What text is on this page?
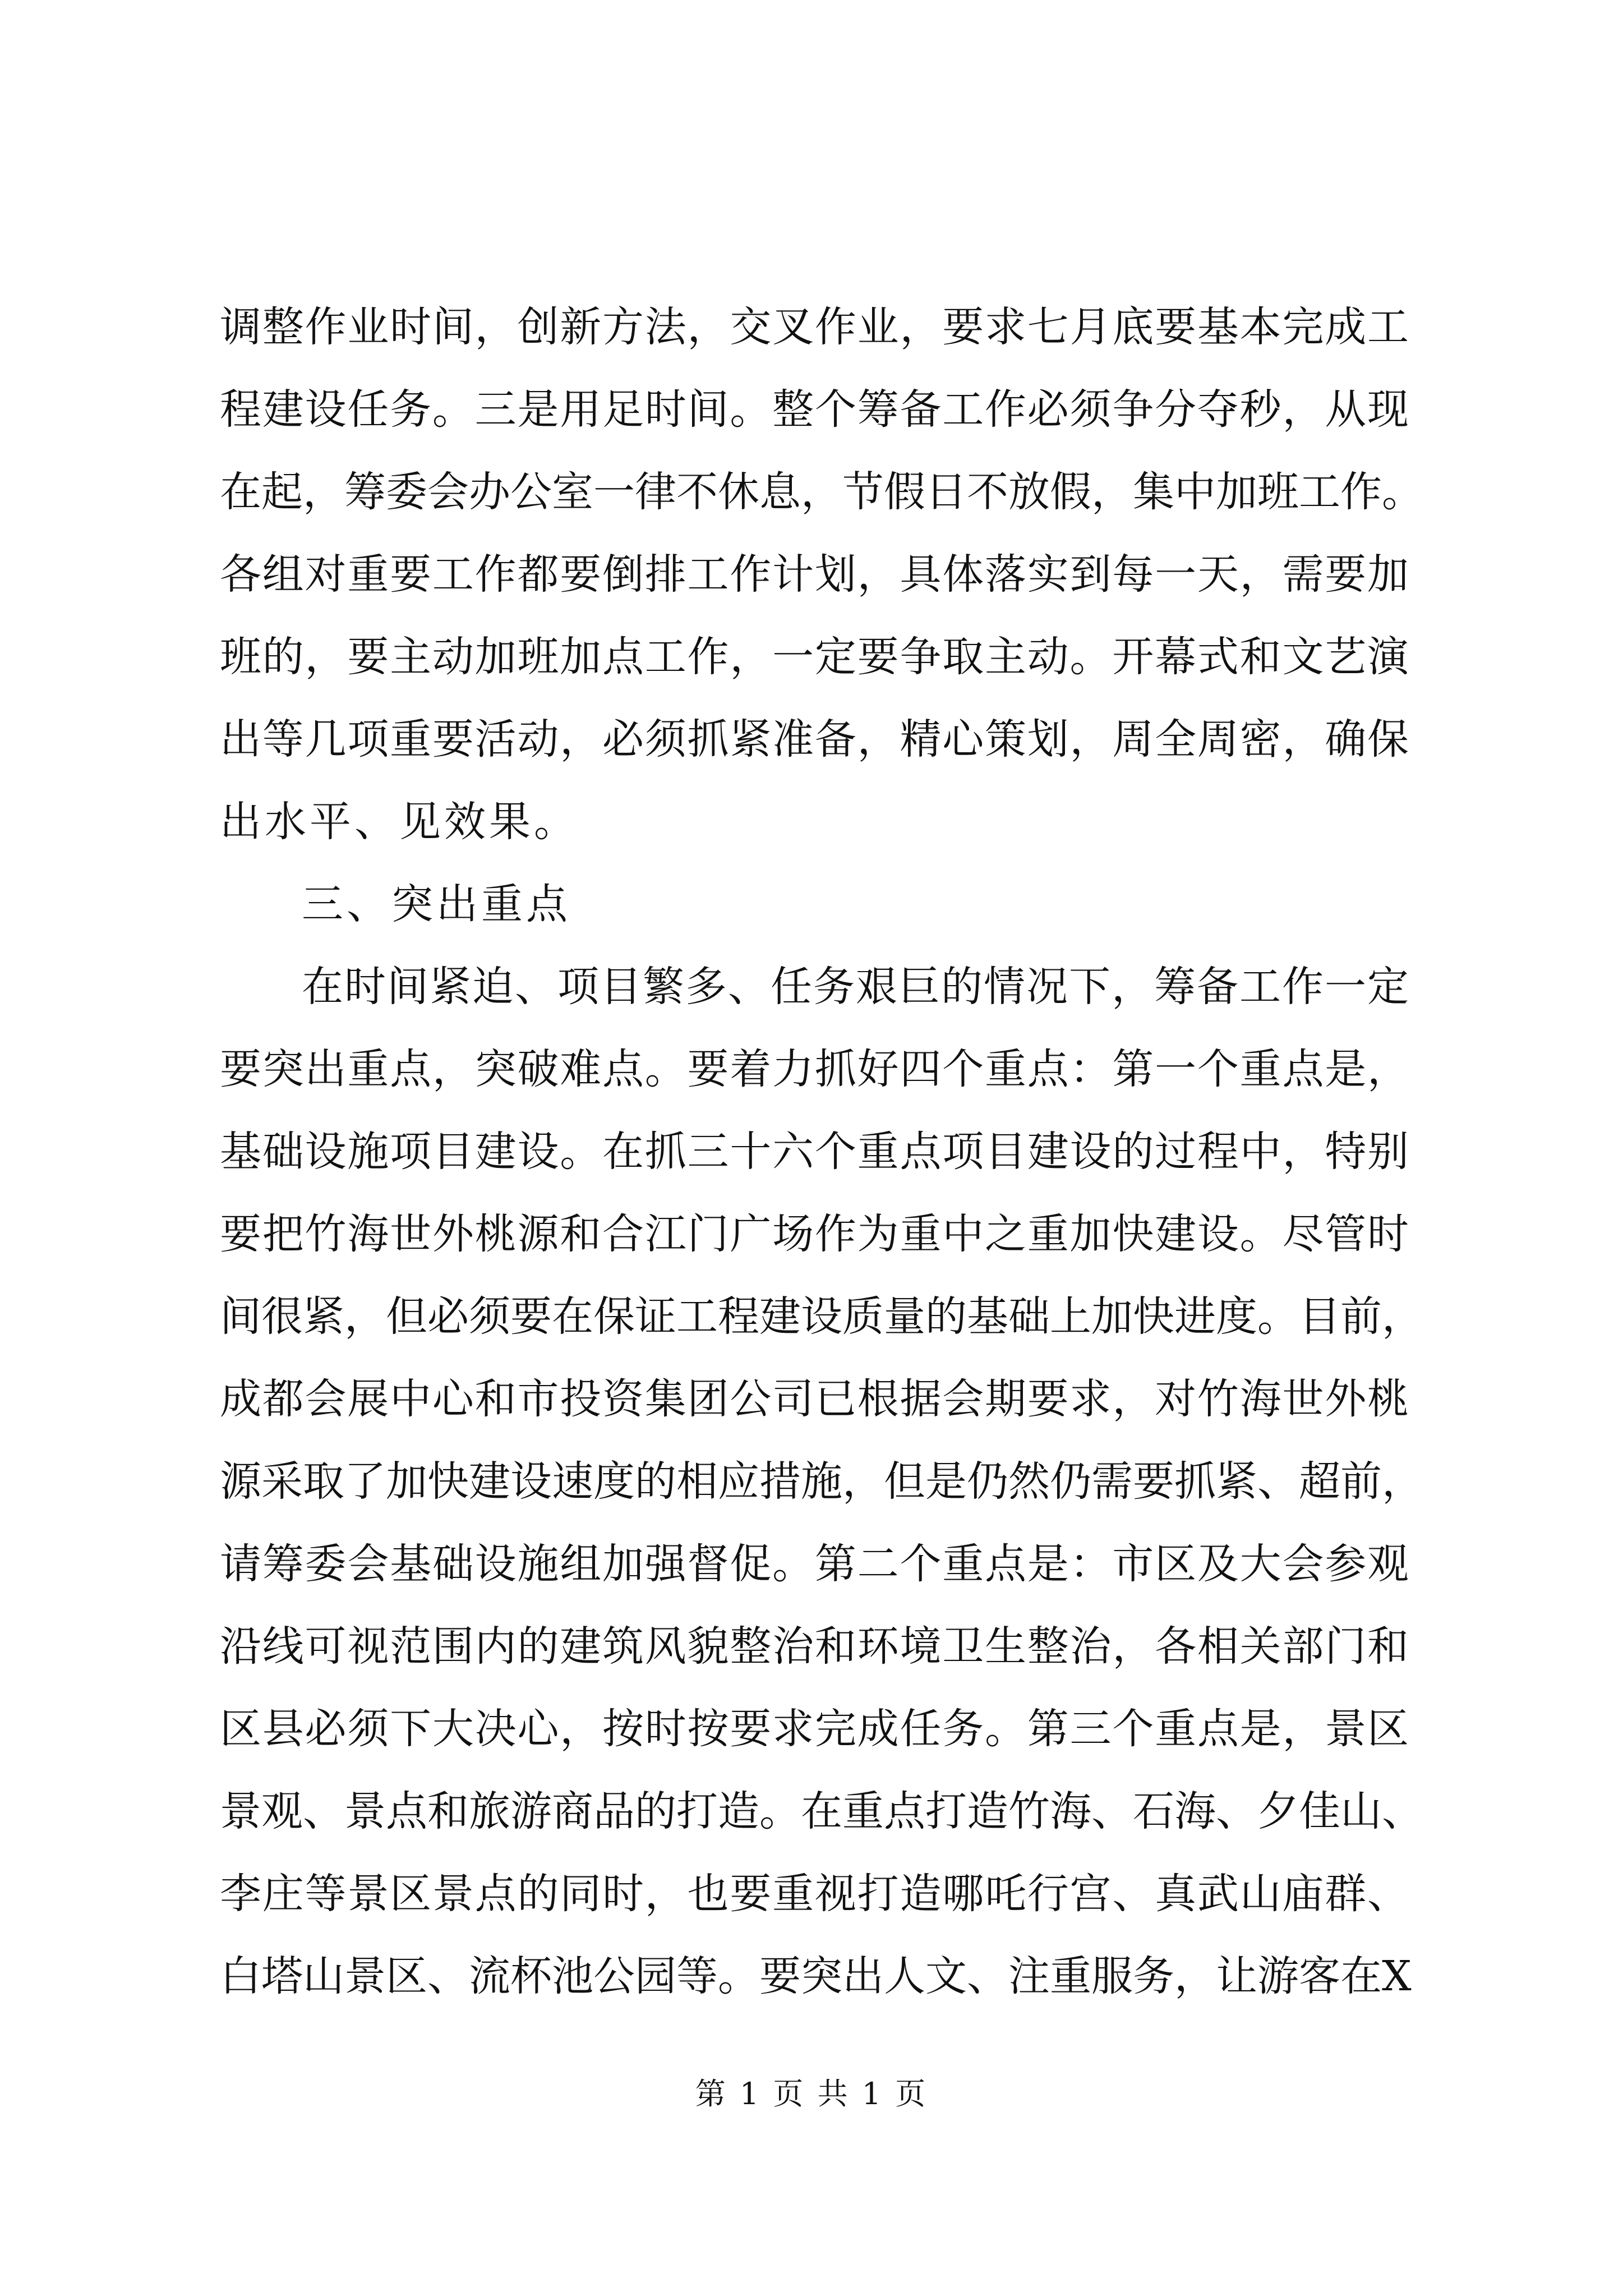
调整作业时间，创新方法，交叉作业，要求七月底要基本完成工
程建设任务。三是用足时间。整个筹备工作必须争分夺秒，从现
在起，筹委会办公室一律不休息，节假日不放假，集中加班工作。
各组对重要工作都要倒排工作计划，具体落实到每一天，需要加
班的，要主动加班加点工作，一定要争取主动。开幕式和文艺演
出等几项重要活动，必须抓紧准备，精心策划，周全周密，确保
出水平、见效果。
三、突出重点
在时间紧迫、项目繁多、任务艰巨的情况下，筹备工作一定
要突出重点，突破难点。要着力抓好四个重点：第一个重点是，
基础设施项目建设。在抓三十六个重点项目建设的过程中，特别
要把竹海世外桃源和合江门广场作为重中之重加快建设。尽管时
间很紧，但必须要在保证工程建设质量的基础上加快进度。目前，
成都会展中心和市投资集团公司已根据会期要求，对竹海世外桃
源采取了加快建设速度的相应措施，但是仍然仍需要抓紧、超前，
请筹委会基础设施组加强督促。第二个重点是：市区及大会参观
沿线可视范围内的建筑风貌整治和环境卫生整治，各相关部门和
区县必须下大决心，按时按要求完成任务。第三个重点是，景区
景观、景点和旅游商品的打造。在重点打造竹海、石海、夕佳山、
李庄等景区景点的同时，也要重视打造哪吒行宫、真武山庙群、
白塔山景区、流杯池公园等。要突出人文、注重服务，让游客在X
第 1 页 共 1 页
